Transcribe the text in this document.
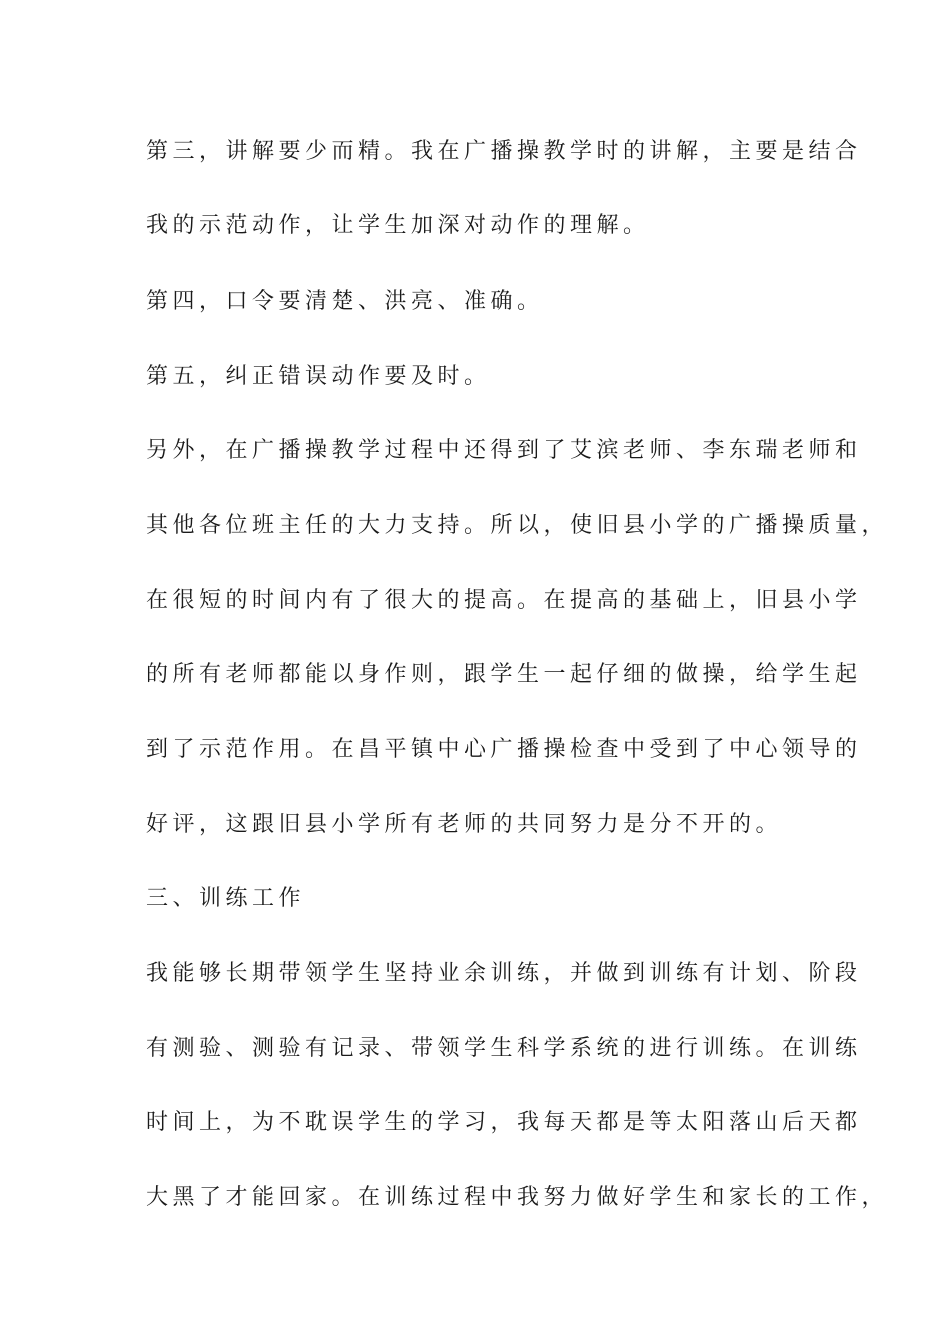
第三，讲解要少而精。我在广播操教学时的讲解，主要是结合
我的示范动作，让学生加深对动作的理解。
第四，口令要清楚、洪亮、准确。
第五，纠正错误动作要及时。
另外，在广播操教学过程中还得到了艾滨老师、李东瑞老师和
其他各位班主任的大力支持。所以，使旧县小学的广播操质量，
在很短的时间内有了很大的提高。在提高的基础上，旧县小学
的所有老师都能以身作则，跟学生一起仔细的做操，给学生起
到了示范作用。在昌平镇中心广播操检查中受到了中心领导的
好评，这跟旧县小学所有老师的共同努力是分不开的。
三、训练工作
我能够长期带领学生坚持业余训练，并做到训练有计划、阶段
有测验、测验有记录、带领学生科学系统的进行训练。在训练
时间上，为不耽误学生的学习，我每天都是等太阳落山后天都
大黑了才能回家。在训练过程中我努力做好学生和家长的工作，
